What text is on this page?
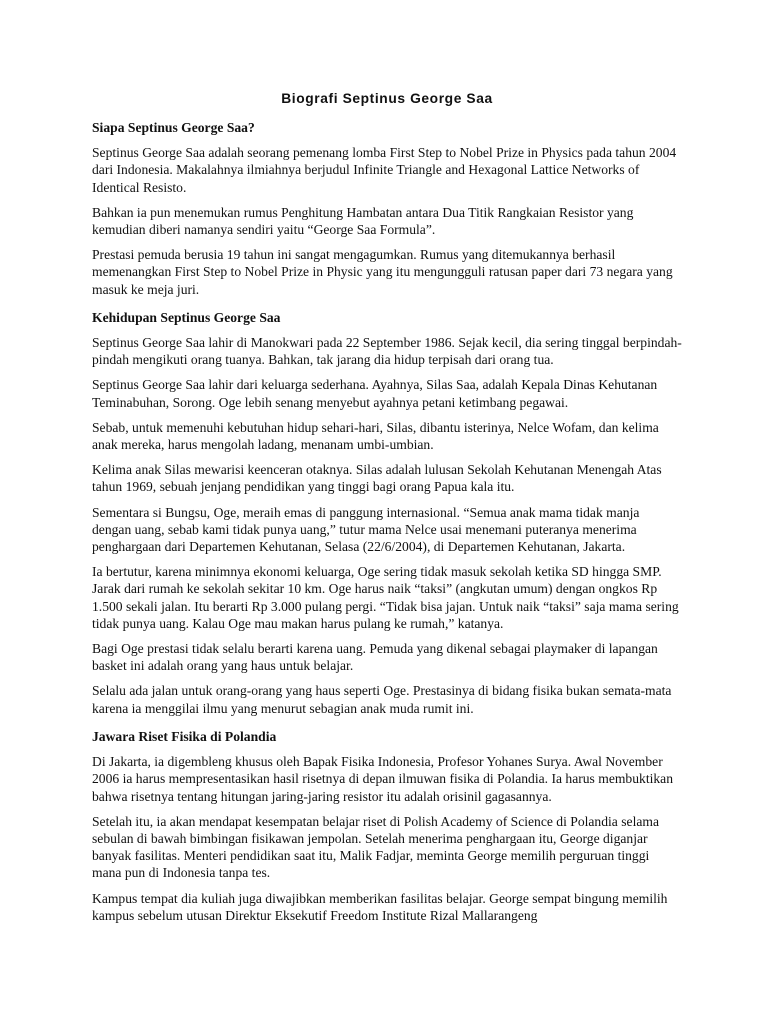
Biografi Septinus George Saa
Siapa Septinus George Saa?

Septinus George Saa adalah seorang pemenang lomba First Step to Nobel Prize in Physics pada tahun 2004 dari Indonesia. Makalahnya ilmiahnya berjudul Infinite Triangle and Hexagonal Lattice Networks of Identical Resisto.

Bahkan ia pun menemukan rumus Penghitung Hambatan antara Dua Titik Rangkaian Resistor yang kemudian diberi namanya sendiri yaitu “George Saa Formula”.

Prestasi pemuda berusia 19 tahun ini sangat mengagumkan. Rumus yang ditemukannya berhasil memenangkan First Step to Nobel Prize in Physic yang itu mengungguli ratusan paper dari 73 negara yang masuk ke meja juri.

Kehidupan Septinus George Saa

Septinus George Saa lahir di Manokwari pada 22 September 1986. Sejak kecil, dia sering tinggal berpindah-pindah mengikuti orang tuanya. Bahkan, tak jarang dia hidup terpisah dari orang tua.

Septinus George Saa lahir dari keluarga sederhana. Ayahnya, Silas Saa, adalah Kepala Dinas Kehutanan Teminabuhan, Sorong. Oge lebih senang menyebut ayahnya petani ketimbang pegawai.

Sebab, untuk memenuhi kebutuhan hidup sehari-hari, Silas, dibantu isterinya, Nelce Wofam, dan kelima anak mereka, harus mengolah ladang, menanam umbi-umbian.

Kelima anak Silas mewarisi keenceran otaknya. Silas adalah lulusan Sekolah Kehutanan Menengah Atas tahun 1969, sebuah jenjang pendidikan yang tinggi bagi orang Papua kala itu.

Sementara si Bungsu, Oge, meraih emas di panggung internasional. “Semua anak mama tidak manja dengan uang, sebab kami tidak punya uang,” tutur mama Nelce usai menemani puteranya menerima penghargaan dari Departemen Kehutanan, Selasa (22/6/2004), di Departemen Kehutanan, Jakarta.

Ia bertutur, karena minimnya ekonomi keluarga, Oge sering tidak masuk sekolah ketika SD hingga SMP. Jarak dari rumah ke sekolah sekitar 10 km. Oge harus naik “taksi” (angkutan umum) dengan ongkos Rp 1.500 sekali jalan. Itu berarti Rp 3.000 pulang pergi. “Tidak bisa jajan. Untuk naik “taksi” saja mama sering tidak punya uang. Kalau Oge mau makan harus pulang ke rumah,” katanya.

Bagi Oge prestasi tidak selalu berarti karena uang. Pemuda yang dikenal sebagai playmaker di lapangan basket ini adalah orang yang haus untuk belajar.

Selalu ada jalan untuk orang-orang yang haus seperti Oge. Prestasinya di bidang fisika bukan semata-mata karena ia menggilai ilmu yang menurut sebagian anak muda rumit ini.

Jawara Riset Fisika di Polandia

Di Jakarta, ia digembleng khusus oleh Bapak Fisika Indonesia, Profesor Yohanes Surya. Awal November 2006 ia harus mempresentasikan hasil risetnya di depan ilmuwan fisika di Polandia. Ia harus membuktikan bahwa risetnya tentang hitungan jaring-jaring resistor itu adalah orisinil gagasannya.

Setelah itu, ia akan mendapat kesempatan belajar riset di Polish Academy of Science di Polandia selama sebulan di bawah bimbingan fisikawan jempolan. Setelah menerima penghargaan itu, George diganjar banyak fasilitas. Menteri pendidikan saat itu, Malik Fadjar, meminta George memilih perguruan tinggi mana pun di Indonesia tanpa tes.

Kampus tempat dia kuliah juga diwajibkan memberikan fasilitas belajar. George sempat bingung memilih kampus sebelum utusan Direktur Eksekutif Freedom Institute Rizal Mallarangeng
